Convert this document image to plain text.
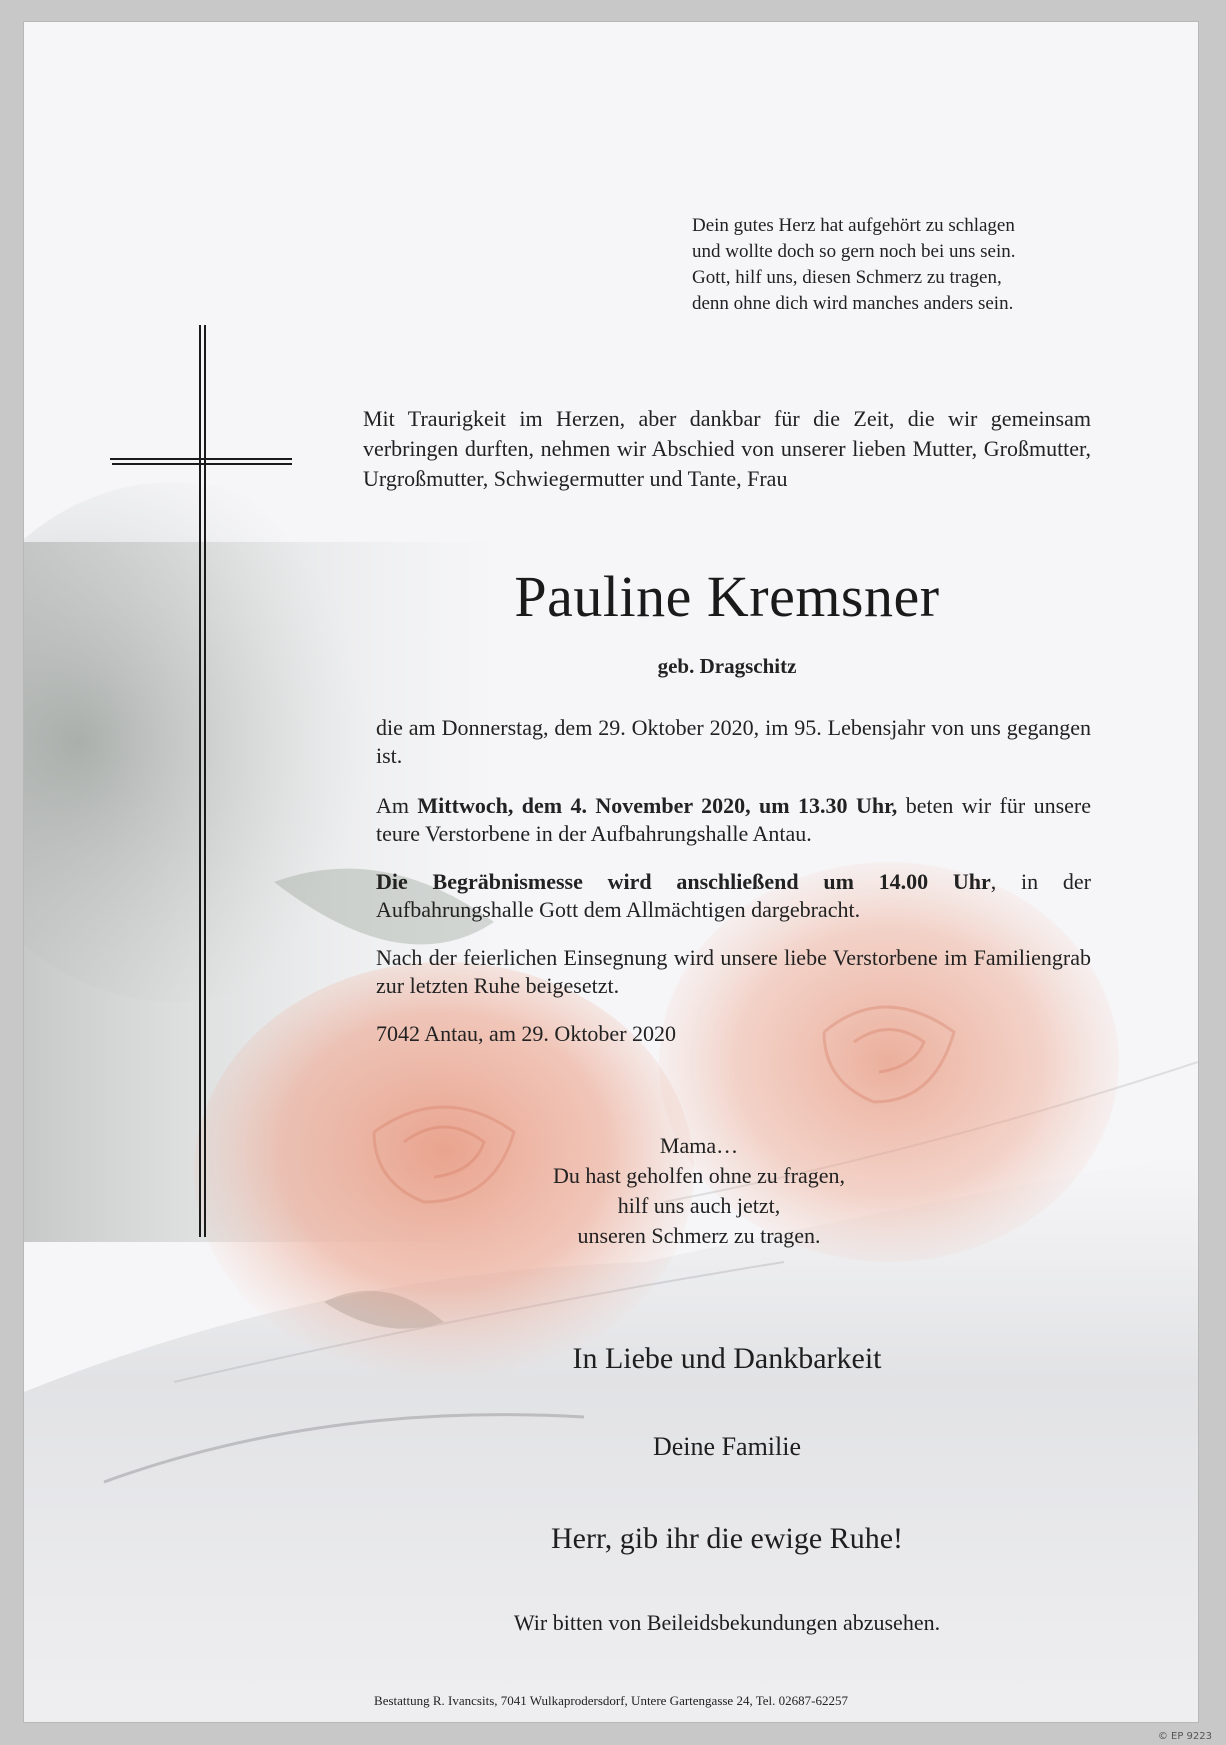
Dein gutes Herz hat aufgehört zu schlagen
und wollte doch so gern noch bei uns sein.
Gott, hilf uns, diesen Schmerz zu tragen,
denn ohne dich wird manches anders sein.
Mit Traurigkeit im Herzen, aber dankbar für die Zeit, die wir gemeinsam verbringen durften, nehmen wir Abschied von unserer lieben Mutter, Großmutter, Urgroßmutter, Schwiegermutter und Tante, Frau
Pauline Kremsner
geb. Dragschitz
die am Donnerstag, dem 29. Oktober 2020, im 95. Lebensjahr von uns gegangen ist.
Am Mittwoch, dem 4. November 2020, um 13.30 Uhr, beten wir für unsere teure Verstorbene in der Aufbahrungshalle Antau.
Die Begräbnismesse wird anschließend um 14.00 Uhr, in der Aufbahrungshalle Gott dem Allmächtigen dargebracht.
Nach der feierlichen Einsegnung wird unsere liebe Verstorbene im Familiengrab zur letzten Ruhe beigesetzt.
7042 Antau, am 29. Oktober 2020
Mama…
Du hast geholfen ohne zu fragen,
hilf uns auch jetzt,
unseren Schmerz zu tragen.
In Liebe und Dankbarkeit
Deine Familie
Herr, gib ihr die ewige Ruhe!
Wir bitten von Beileidsbekundungen abzusehen.
Bestattung R. Ivancsits, 7041 Wulkaprodersdorf, Untere Gartengasse 24, Tel. 02687-62257
© EP 9223
